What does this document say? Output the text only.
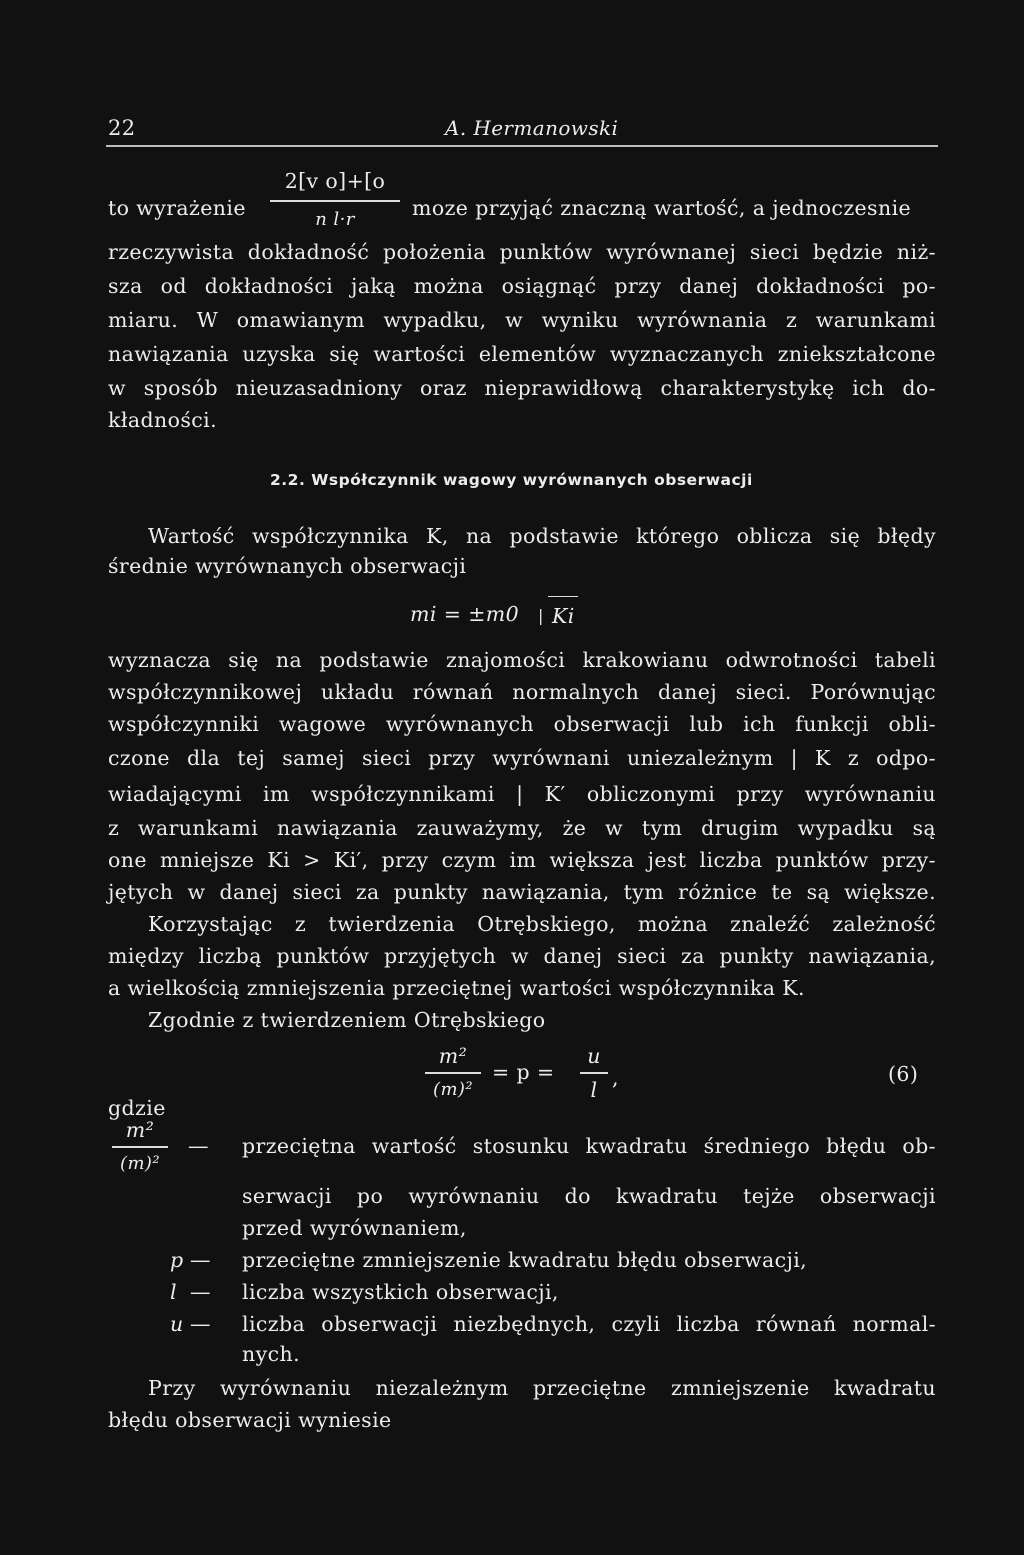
22	A. Hermanowski
to wyrażenie
2[v o]+[o
n l·r	moze przyjąć znaczną wartość, a jednoczesnie
rzeczywista dokładność położenia punktów wyrównanej sieci będzie niż-
sza od dokładności jaką można osiągnąć przy danej dokładności po-
miaru. W omawianym wypadku, w wyniku wyrównania z warunkami
nawiązania uzyska się wartości elementów wyznaczanych zniekształcone
w sposób nieuzasadniony oraz nieprawidłową charakterystykę ich do-
kładności.
2.2. Współczynnik wagowy wyrównanych obserwacji
Wartość współczynnika K, na podstawie którego oblicza się błędy
średnie wyrównanych obserwacji
mi = ±m0 | Ki
wyznacza się na podstawie znajomości krakowianu odwrotności tabeli
współczynnikowej układu równań normalnych danej sieci. Porównując
współczynniki wagowe wyrównanych obserwacji lub ich funkcji obli-
czone dla tej samej sieci przy wyrównani uniezależnym | K z odpo-
wiadającymi im współczynnikami | K′ obliczonymi przy wyrównaniu
z warunkami nawiązania zauważymy, że w tym drugim wypadku są
one mniejsze Ki > Ki′, przy czym im większa jest liczba punktów przy-
jętych w danej sieci za punkty nawiązania, tym różnice te są większe.
Korzystając z twierdzenia Otrębskiego, można znaleźć zależność
między liczbą punktów przyjętych w danej sieci za punkty nawiązania,
a wielkością zmniejszenia przeciętnej wartości współczynnika K.
Zgodnie z twierdzeniem Otrębskiego
m²
(m)²
= p =
u
l ,	(6)
gdzie
m²
(m)²
— przeciętna wartość stosunku kwadratu średniego błędu ob-
serwacji po wyrównaniu do kwadratu tejże obserwacji
przed wyrównaniem,
p — przeciętne zmniejszenie kwadratu błędu obserwacji,
l — liczba wszystkich obserwacji,
u — liczba obserwacji niezbędnych, czyli liczba równań normal-
nych.
Przy wyrównaniu niezależnym przeciętne zmniejszenie kwadratu
błędu obserwacji wyniesie
